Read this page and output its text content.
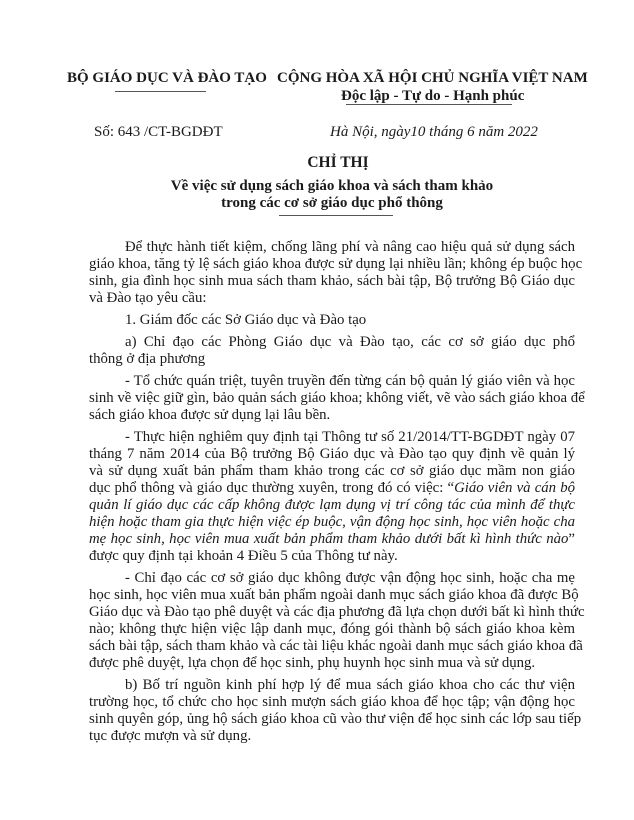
BỘ GIÁO DỤC VÀ ĐÀO TẠO CỘNG HÒA XÃ HỘI CHỦ NGHĨA VIỆT NAM
Độc lập - Tự do - Hạnh phúc
Số: 643 /CT-BGDĐT	Hà Nội, ngày10 tháng 6 năm 2022
CHỈ THỊ
Về việc sử dụng sách giáo khoa và sách tham khảo
trong các cơ sở giáo dục phổ thông
Để thực hành tiết kiệm, chống lãng phí và nâng cao hiệu quả sử dụng sách
giáo khoa, tăng tỷ lệ sách giáo khoa được sử dụng lại nhiều lần; không ép buộc học
sinh, gia đình học sinh mua sách tham khảo, sách bài tập, Bộ trưởng Bộ Giáo dục
và Đào tạo yêu cầu:
1. Giám đốc các Sở Giáo dục và Đào tạo
a) Chỉ đạo các Phòng Giáo dục và Đào tạo, các cơ sở giáo dục phổ
thông ở địa phương
- Tổ chức quán triệt, tuyên truyền đến từng cán bộ quản lý giáo viên và học
sinh về việc giữ gìn, bảo quản sách giáo khoa; không viết, vẽ vào sách giáo khoa để
sách giáo khoa được sử dụng lại lâu bền.
- Thực hiện nghiêm quy định tại Thông tư số 21/2014/TT-BGDĐT ngày 07
tháng 7 năm 2014 của Bộ trưởng Bộ Giáo dục và Đào tạo quy định về quản lý
và sử dụng xuất bản phẩm tham khảo trong các cơ sở giáo dục mầm non giáo
dục phổ thông và giáo dục thường xuyên, trong đó có việc: “Giáo viên và cán bộ
quản lí giáo dục các cấp không được lạm dụng vị trí công tác của mình để thực
hiện hoặc tham gia thực hiện việc ép buộc, vận động học sinh, học viên hoặc cha
mẹ học sinh, học viên mua xuất bản phẩm tham khảo dưới bất kì hình thức nào”
được quy định tại khoản 4 Điều 5 của Thông tư này.
- Chỉ đạo các cơ sở giáo dục không được vận động học sinh, hoặc cha mẹ
học sinh, học viên mua xuất bản phẩm ngoài danh mục sách giáo khoa đã được Bộ
Giáo dục và Đào tạo phê duyệt và các địa phương đã lựa chọn dưới bất kì hình thức
nào; không thực hiện việc lập danh mục, đóng gói thành bộ sách giáo khoa kèm
sách bài tập, sách tham khảo và các tài liệu khác ngoài danh mục sách giáo khoa đã
được phê duyệt, lựa chọn để học sinh, phụ huynh học sinh mua và sử dụng.
b) Bố trí nguồn kinh phí hợp lý để mua sách giáo khoa cho các thư viện
trường học, tổ chức cho học sinh mượn sách giáo khoa để học tập; vận động học
sinh quyên góp, ủng hộ sách giáo khoa cũ vào thư viện để học sinh các lớp sau tiếp
tục được mượn và sử dụng.
